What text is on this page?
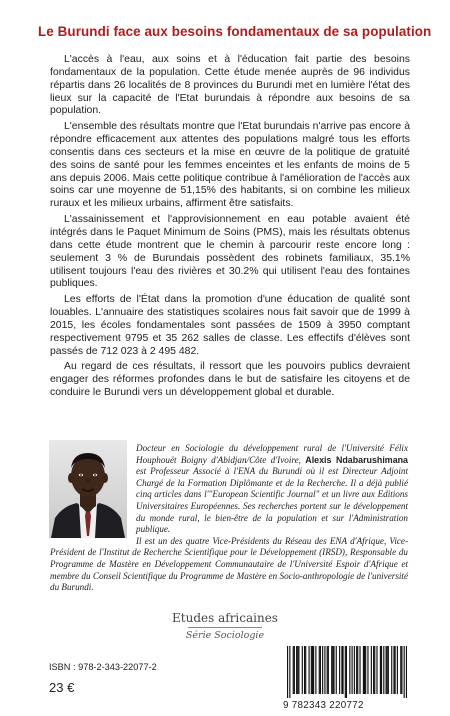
Le Burundi face aux besoins fondamentaux de sa population

L'accès à l'eau, aux soins et à l'éducation fait partie des besoins fondamentaux de la population. Cette étude menée auprès de 96 individus répartis dans 26 localités de 8 provinces du Burundi met en lumière l'état des lieux sur la capacité de l'Etat burundais à répondre aux besoins de sa population.

L'ensemble des résultats montre que l'Etat burundais n'arrive pas encore à répondre efficacement aux attentes des populations malgré tous les efforts consentis dans ces secteurs et la mise en œuvre de la politique de gratuité des soins de santé pour les femmes enceintes et les enfants de moins de 5 ans depuis 2006. Mais cette politique contribue à l'amélioration de l'accès aux soins car une moyenne de 51,15% des habitants, si on combine les milieux ruraux et les milieux urbains, affirment être satisfaits.

L'assainissement et l'approvisionnement en eau potable avaient été intégrés dans le Paquet Minimum de Soins (PMS), mais les résultats obtenus dans cette étude montrent que le chemin à parcourir reste encore long : seulement 3 % de Burundais possèdent des robinets familiaux, 35.1% utilisent toujours l'eau des rivières et 30.2% qui utilisent l'eau des fontaines publiques.

Les efforts de l'État dans la promotion d'une éducation de qualité sont louables. L'annuaire des statistiques scolaires nous fait savoir que de 1999 à 2015, les écoles fondamentales sont passées de 1509 à 3950 comptant respectivement 9795 et 35 262 salles de classe. Les effectifs d'élèves sont passés de 712 023 à 2 495 482.

Au regard de ces résultats, il ressort que les pouvoirs publics devraient engager des réformes profondes dans le but de satisfaire les citoyens et de conduire le Burundi vers un développement global et durable.

Docteur en Sociologie du développement rural de l'Université Félix Houphouët Boigny d'Abidjan/Côte d'Ivoire, Alexis Ndabarushimana est Professeur Associé à l'ENA du Burundi où il est Directeur Adjoint Chargé de la Formation Diplômante et de la Recherche. Il a déjà publié cinq articles dans l'"European Scientific Journal" et un livre aux Editions Universitaires Européennes. Ses recherches portent sur le développement du monde rural, le bien-être de la population et sur l'Administration publique.

Il est un des quatre Vice-Présidents du Réseau des ENA d'Afrique, Vice-Président de l'Institut de Recherche Scientifique pour le Développement (IRSD), Responsable du Programme de Mastère en Développement Communautaire de l'Université Espoir d'Afrique et membre du Conseil Scientifique du Programme de Mastère en Socio-anthropologie de l'université du Burundi.

Etudes africaines
Série Sociologie
ISBN : 978-2-343-22077-2
23 €
9 782343 220772
